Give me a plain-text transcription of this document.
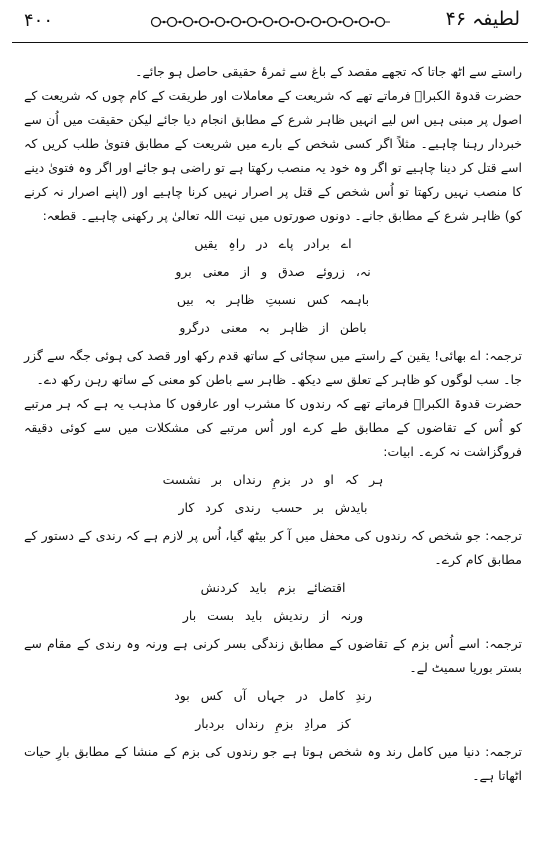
۴۰۰	لطیفہ ۴۶

راستے سے اٹھ جاتا کہ تجھے مقصد کے باغ سے ثمرۂ حقیقی حاصل ہو جائے۔

حضرت قدوۃ الکبراؒ فرماتے تھے کہ شریعت کے معاملات اور طریقت کے کام چوں کہ شریعت کے اصول پر مبنی ہیں اس لیے انہیں ظاہر شرع کے مطابق انجام دیا جائے لیکن حقیقت میں اُن سے خبردار رہنا چاہیے۔ مثلاً اگر کسی شخص کے بارے میں شریعت کے مطابق فتویٰ طلب کریں کہ اسے قتل کر دینا چاہیے تو اگر وہ خود یہ منصب رکھتا ہے تو راضی ہو جائے اور اگر وہ فتویٰ دینے کا منصب نہیں رکھتا تو اُس شخص کے قتل پر اصرار نہیں کرنا چاہیے اور (اپنے اصرار نہ کرنے کو) ظاہر شرع کے مطابق جانے۔ دونوں صورتوں میں نیت اللہ تعالیٰ پر رکھنی چاہیے۔ قطعہ:

اے برادر پاے در راہِ یقیں
نہ، زروئے صدق و از معنی برو
باہمہ کس نسبتِ ظاہر بہ بیں
باطن از ظاہر بہ معنی درگرو

ترجمہ: اے بھائی! یقین کے راستے میں سچائی کے ساتھ قدم رکھ اور قصد کی ہوئی جگہ سے گزر جا۔ سب لوگوں کو ظاہر کے تعلق سے دیکھ۔ ظاہر سے باطن کو معنی کے ساتھ رہن رکھ دے۔

حضرت قدوۃ الکبراؒ فرماتے تھے کہ رندوں کا مشرب اور عارفوں کا مذہب یہ ہے کہ ہر مرتبے کو اُس کے تقاضوں کے مطابق طے کرے اور اُس مرتبے کی مشکلات میں سے کوئی دقیقہ فروگزاشت نہ کرے۔ ابیات:

ہر کہ او در بزمِ رنداں بر نشست
بایدش بر حسب رندی کرد کار

ترجمہ: جو شخص کہ رندوں کی محفل میں آ کر بیٹھ گیا، اُس پر لازم ہے کہ رندی کے دستور کے مطابق کام کرے۔

اقتضائے بزم باید کردنش
ورنہ از رندیش باید بست بار

ترجمہ: اسے اُس بزم کے تقاضوں کے مطابق زندگی بسر کرنی ہے ورنہ وہ رندی کے مقام سے بستر بوریا سمیٹ لے۔

رندِ کامل در جہاں آں کس بود
کز مرادِ بزمِ رنداں بردبار

ترجمہ: دنیا میں کامل رند وہ شخص ہوتا ہے جو رندوں کی بزم کے منشا کے مطابق بارِ حیات اٹھاتا ہے۔
